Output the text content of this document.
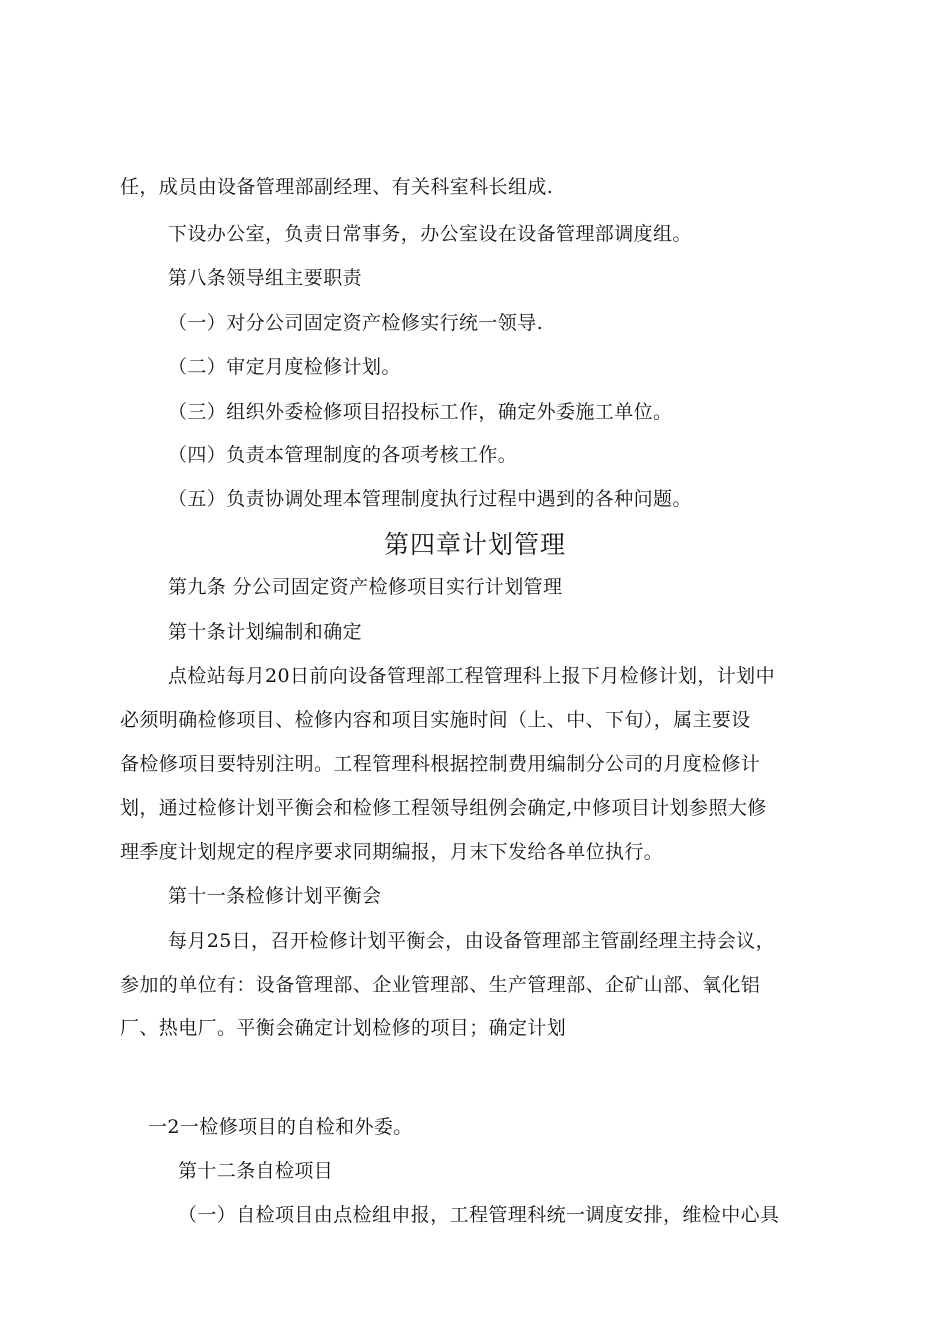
任，成员由设备管理部副经理、有关科室科长组成.
下设办公室，负责日常事务，办公室设在设备管理部调度组。
第八条领导组主要职责
（一）对分公司固定资产检修实行统一领导.
（二）审定月度检修计划。
（三）组织外委检修项目招投标工作，确定外委施工单位。
（四）负责本管理制度的各项考核工作。
（五）负责协调处理本管理制度执行过程中遇到的各种问题。
第四章计划管理
第九条 分公司固定资产检修项目实行计划管理
第十条计划编制和确定
点检站每月20日前向设备管理部工程管理科上报下月检修计划，计划中
必须明确检修项目、检修内容和项目实施时间（上、中、下旬），属主要设
备检修项目要特别注明。工程管理科根据控制费用编制分公司的月度检修计
划，通过检修计划平衡会和检修工程领导组例会确定,中修项目计划参照大修
理季度计划规定的程序要求同期编报，月末下发给各单位执行。
第十一条检修计划平衡会
每月25日，召开检修计划平衡会，由设备管理部主管副经理主持会议，
参加的单位有：设备管理部、企业管理部、生产管理部、企矿山部、氧化铝
厂、热电厂。平衡会确定计划检修的项目；确定计划
一2一检修项目的自检和外委。
第十二条自检项目
（一）自检项目由点检组申报，工程管理科统一调度安排，维检中心具
